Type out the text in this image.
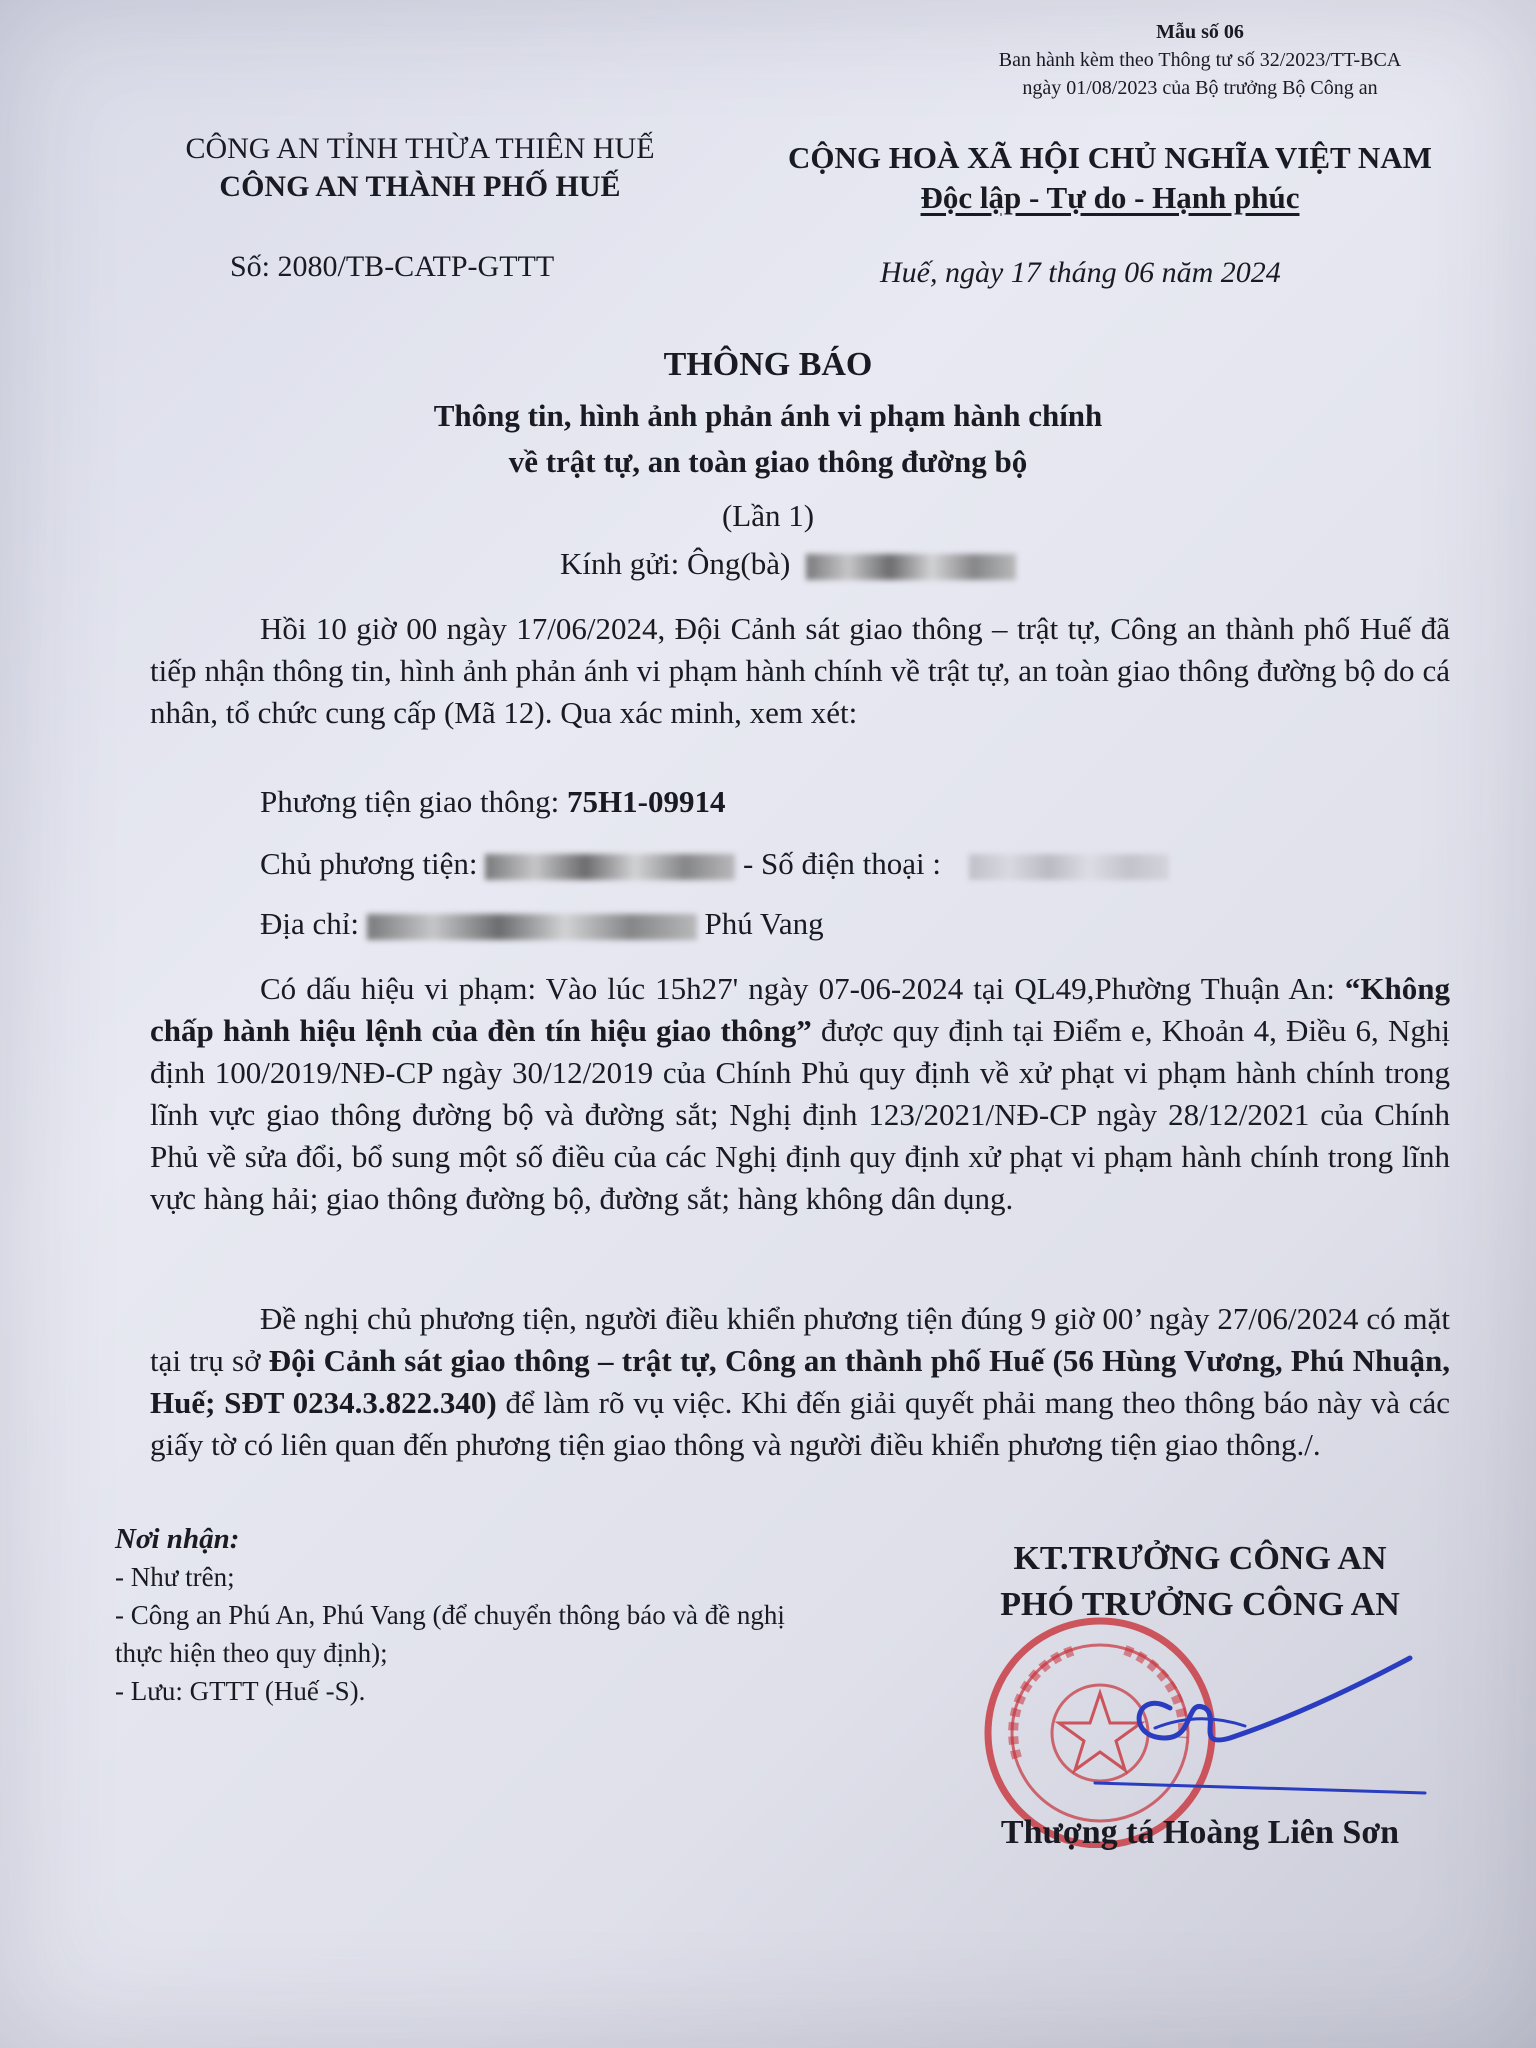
Mẫu số 06
Ban hành kèm theo Thông tư số 32/2023/TT-BCA
ngày 01/08/2023 của Bộ trưởng Bộ Công an
CÔNG AN TỈNH THỪA THIÊN HUẾ
CÔNG AN THÀNH PHỐ HUẾ
CỘNG HOÀ XÃ HỘI CHỦ NGHĨA VIỆT NAM
Độc lập - Tự do - Hạnh phúc
Số: 2080/TB-CATP-GTTT	Huế, ngày 17 tháng 06 năm 2024
THÔNG BÁO
Thông tin, hình ảnh phản ánh vi phạm hành chính
về trật tự, an toàn giao thông đường bộ
(Lần 1)
Kính gửi: Ông(bà)
Hồi 10 giờ 00 ngày 17/06/2024, Đội Cảnh sát giao thông – trật tự, Công an thành phố Huế đã tiếp nhận thông tin, hình ảnh phản ánh vi phạm hành chính về trật tự, an toàn giao thông đường bộ do cá nhân, tổ chức cung cấp (Mã 12). Qua xác minh, xem xét:
Phương tiện giao thông: 75H1-09914
Chủ phương tiện:	- Số điện thoại :
Địa chỉ:	Phú Vang
Có dấu hiệu vi phạm: Vào lúc 15h27' ngày 07-06-2024 tại QL49,Phường Thuận An: “Không chấp hành hiệu lệnh của đèn tín hiệu giao thông” được quy định tại Điểm e, Khoản 4, Điều 6, Nghị định 100/2019/NĐ-CP ngày 30/12/2019 của Chính Phủ quy định về xử phạt vi phạm hành chính trong lĩnh vực giao thông đường bộ và đường sắt; Nghị định 123/2021/NĐ-CP ngày 28/12/2021 của Chính Phủ về sửa đổi, bổ sung một số điều của các Nghị định quy định xử phạt vi phạm hành chính trong lĩnh vực hàng hải; giao thông đường bộ, đường sắt; hàng không dân dụng.
Đề nghị chủ phương tiện, người điều khiển phương tiện đúng 9 giờ 00’ ngày 27/06/2024 có mặt tại trụ sở Đội Cảnh sát giao thông – trật tự, Công an thành phố Huế (56 Hùng Vương, Phú Nhuận, Huế; SĐT 0234.3.822.340) để làm rõ vụ việc. Khi đến giải quyết phải mang theo thông báo này và các giấy tờ có liên quan đến phương tiện giao thông và người điều khiển phương tiện giao thông./.
Nơi nhận:
- Như trên;
- Công an Phú An, Phú Vang (để chuyển thông báo và đề nghị thực hiện theo quy định);
- Lưu: GTTT (Huế -S).
KT.TRƯỞNG CÔNG AN
PHÓ TRƯỞNG CÔNG AN
Thượng tá Hoàng Liên Sơn
